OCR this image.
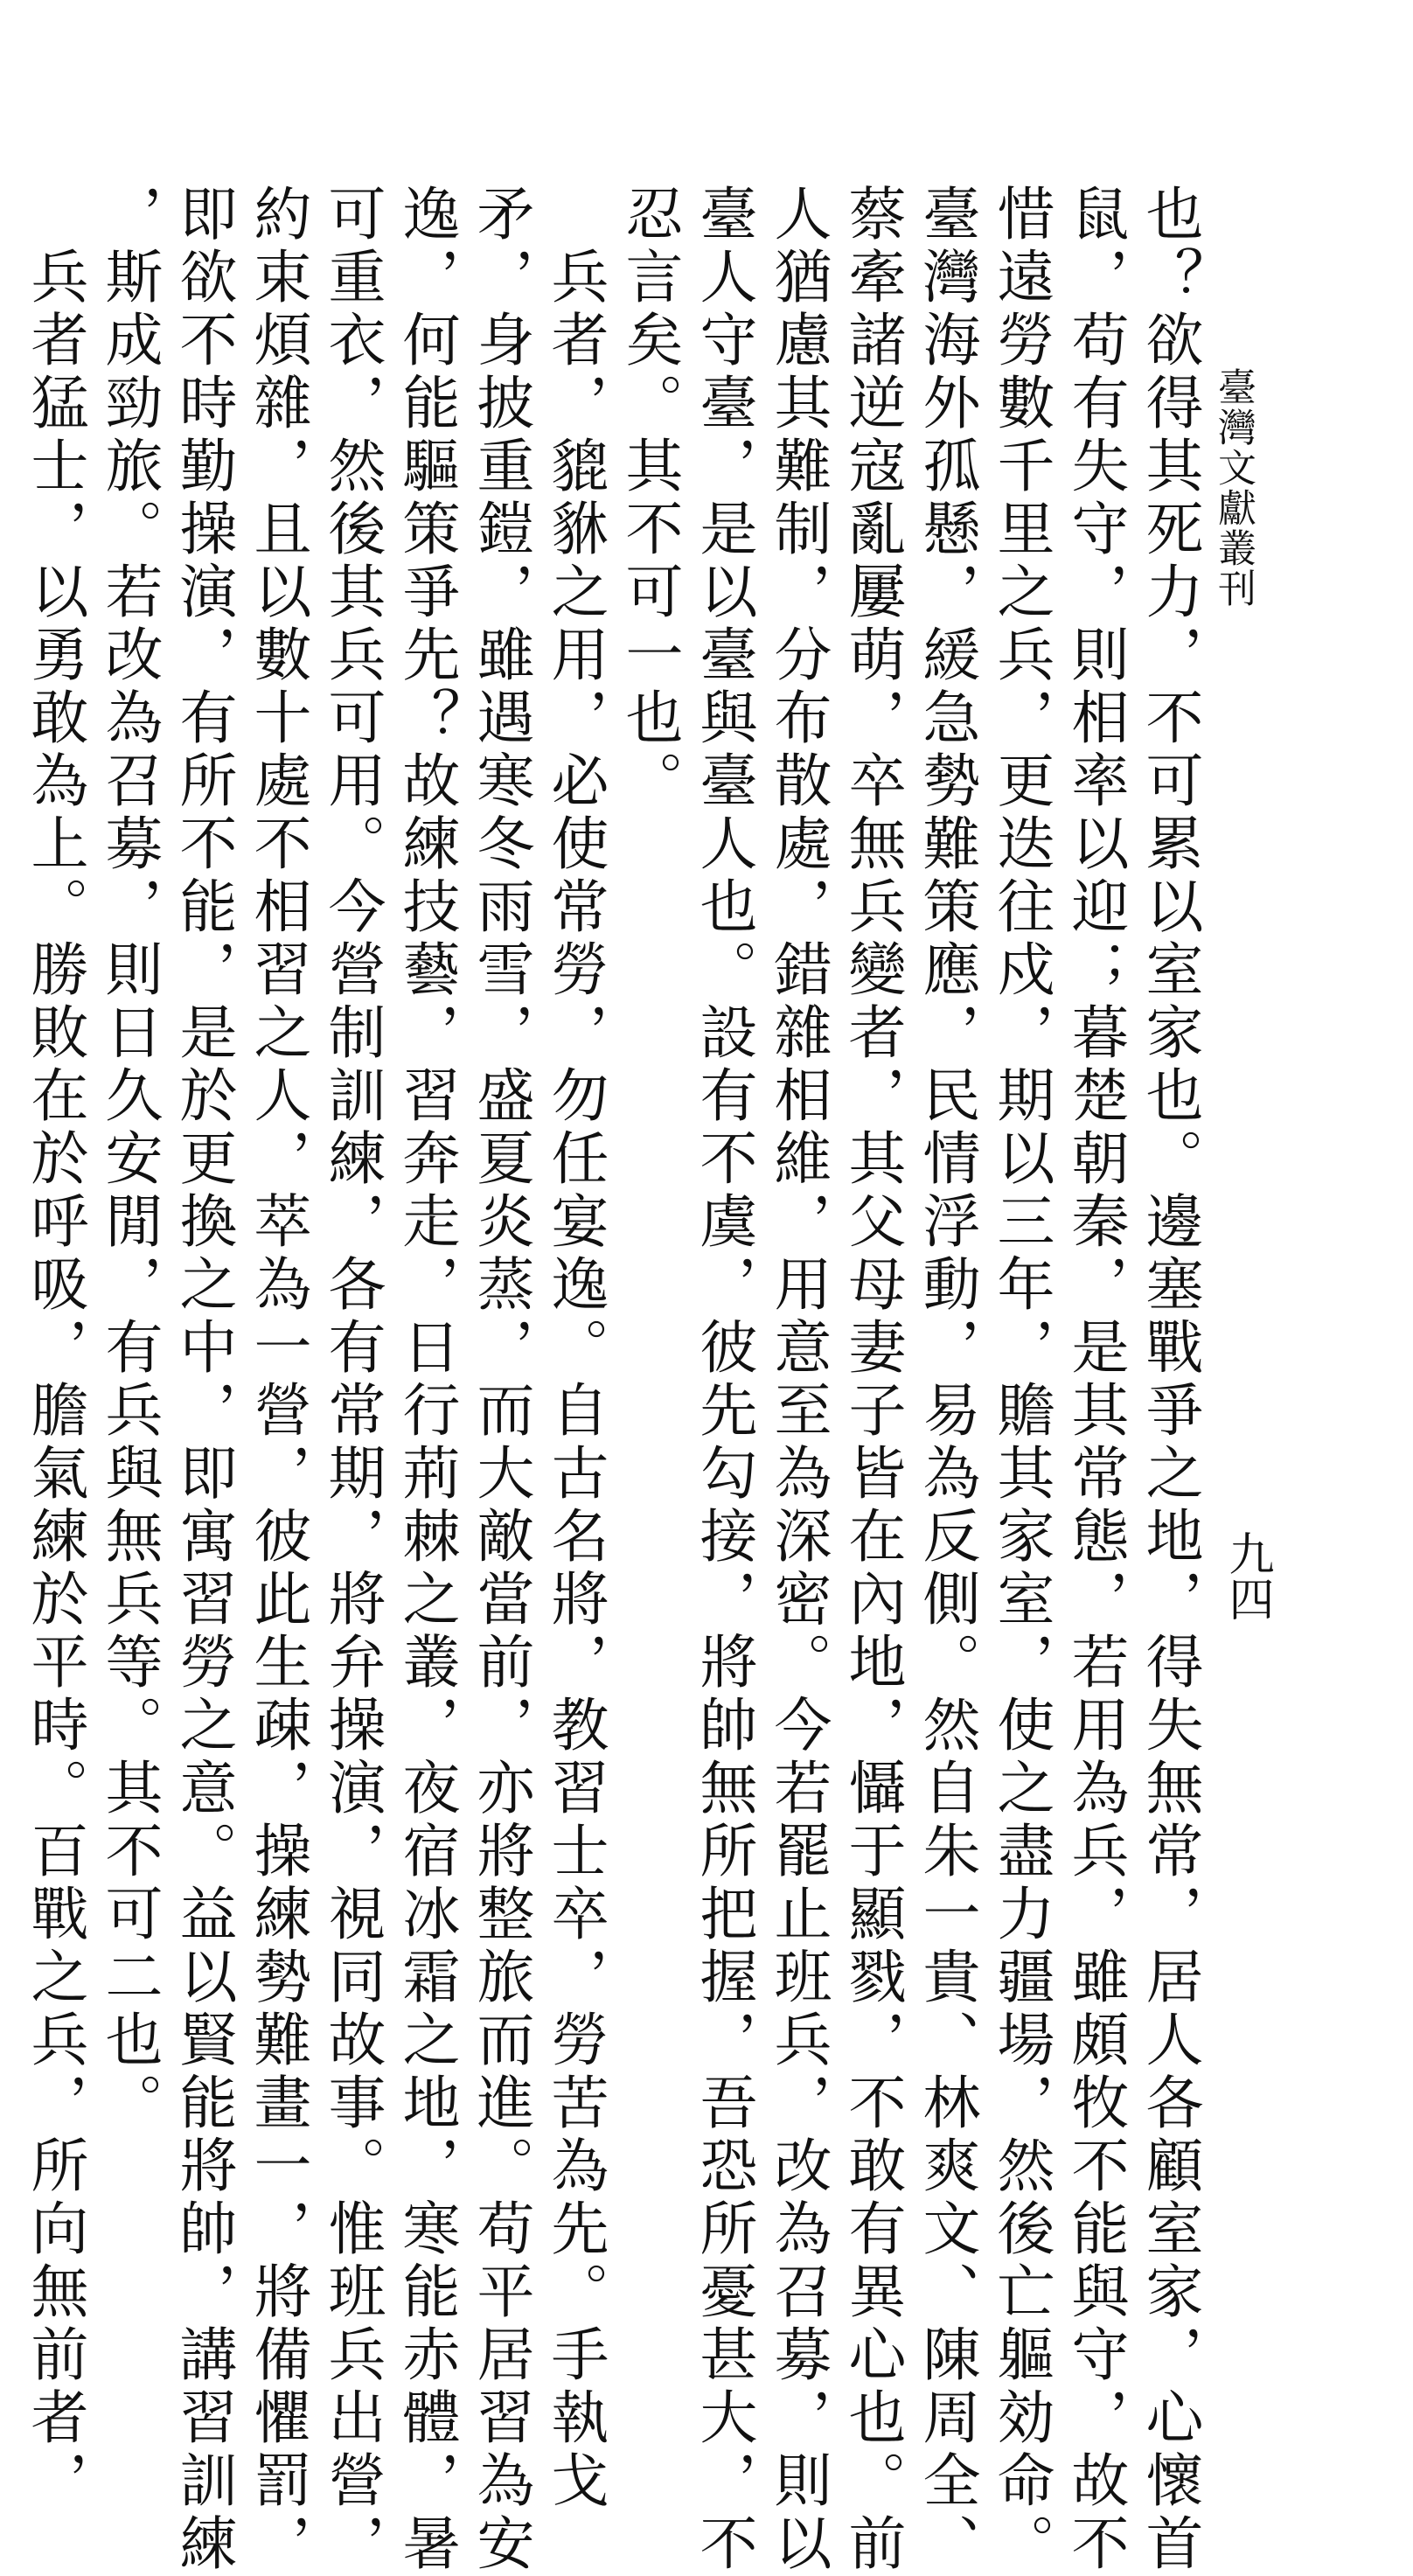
臺灣文獻叢刊
九四
也？欲得其死力，不可累以室家也。邊塞戰爭之地，得失無常，居人各顧室家，心懷首
鼠，苟有失守，則相率以迎；暮楚朝秦，是其常態，若用為兵，雖頗牧不能與守，故不
惜遠勞數千里之兵，更迭往戍，期以三年，贍其家室，使之盡力疆場，然後亡軀効命。
臺灣海外孤懸，緩急勢難策應，民情浮動，易為反側。然自朱一貴、林爽文、陳周全、
蔡牽諸逆寇亂屢萌，卒無兵變者，其父母妻子皆在內地，懾于顯戮，不敢有異心也。前
人猶慮其難制，分布散處，錯雜相維，用意至為深密。今若罷止班兵，改為召募，則以
臺人守臺，是以臺與臺人也。設有不虞，彼先勾接，將帥無所把握，吾恐所憂甚大，不
忍言矣。其不可一也。
　兵者，貔貅之用，必使常勞，勿任宴逸。自古名將，教習士卒，勞苦為先。手執戈
矛，身披重鎧，雖遇寒冬雨雪，盛夏炎蒸，而大敵當前，亦將整旅而進。苟平居習為安
逸，何能驅策爭先？故練技藝，習奔走，日行荊棘之叢，夜宿冰霜之地，寒能赤體，暑
可重衣，然後其兵可用。今營制訓練，各有常期，將弁操演，視同故事。惟班兵出營，
約束煩雜，且以數十處不相習之人，萃為一營，彼此生疎，操練勢難畫一，將備懼罰，
即欲不時勤操演，有所不能，是於更換之中，即寓習勞之意。益以賢能將帥，講習訓練
，斯成勁旅。若改為召募，則日久安閒，有兵與無兵等。其不可二也。
　兵者猛士，以勇敢為上。勝敗在於呼吸，膽氣練於平時。百戰之兵，所向無前者，
